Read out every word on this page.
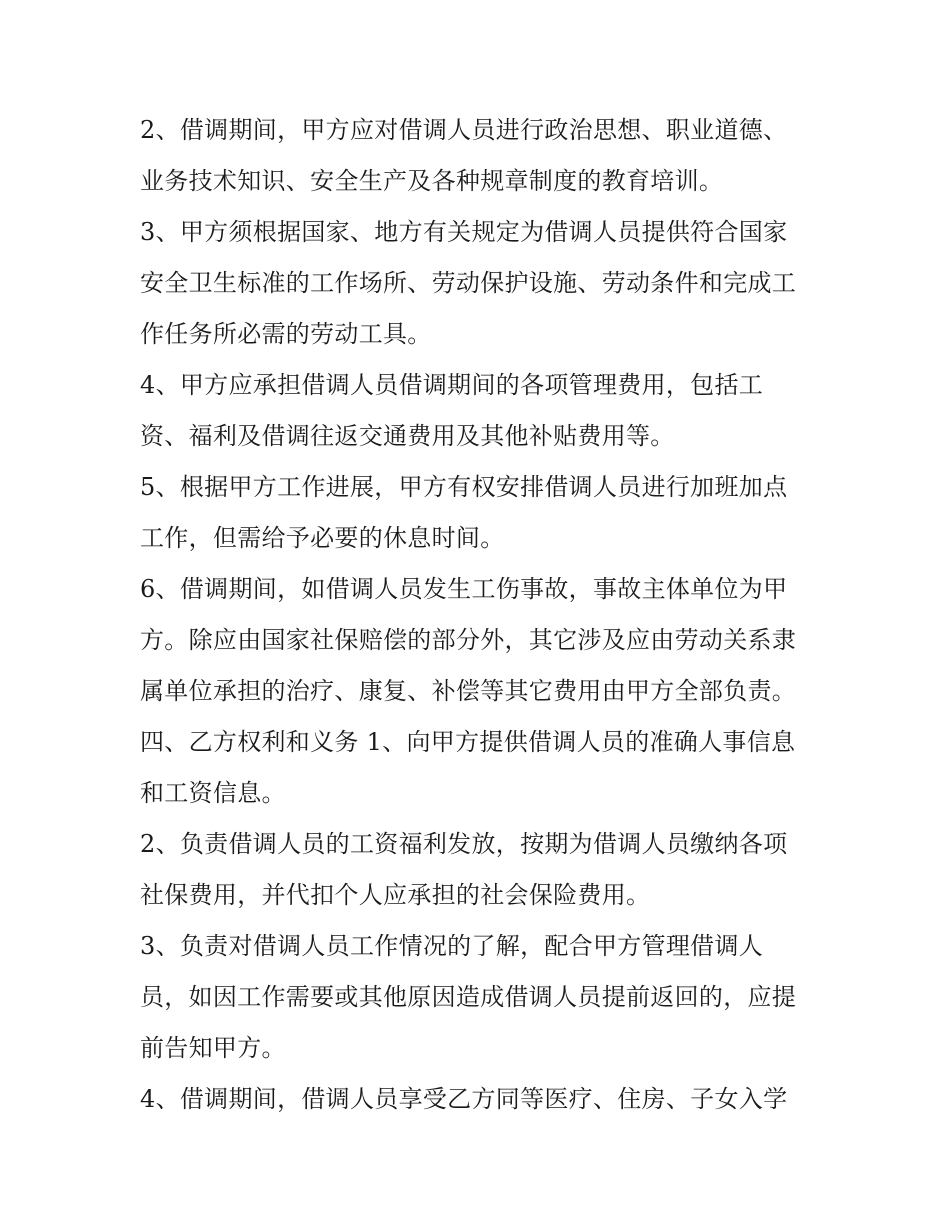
2、借调期间，甲方应对借调人员进行政治思想、职业道德、
业务技术知识、安全生产及各种规章制度的教育培训。
3、甲方须根据国家、地方有关规定为借调人员提供符合国家
安全卫生标准的工作场所、劳动保护设施、劳动条件和完成工
作任务所必需的劳动工具。
4、甲方应承担借调人员借调期间的各项管理费用，包括工
资、福利及借调往返交通费用及其他补贴费用等。
5、根据甲方工作进展，甲方有权安排借调人员进行加班加点
工作，但需给予必要的休息时间。
6、借调期间，如借调人员发生工伤事故，事故主体单位为甲
方。除应由国家社保赔偿的部分外，其它涉及应由劳动关系隶
属单位承担的治疗、康复、补偿等其它费用由甲方全部负责。
四、乙方权利和义务 1、向甲方提供借调人员的准确人事信息
和工资信息。
2、负责借调人员的工资福利发放，按期为借调人员缴纳各项
社保费用，并代扣个人应承担的社会保险费用。
3、负责对借调人员工作情况的了解，配合甲方管理借调人
员，如因工作需要或其他原因造成借调人员提前返回的，应提
前告知甲方。
4、借调期间，借调人员享受乙方同等医疗、住房、子女入学
